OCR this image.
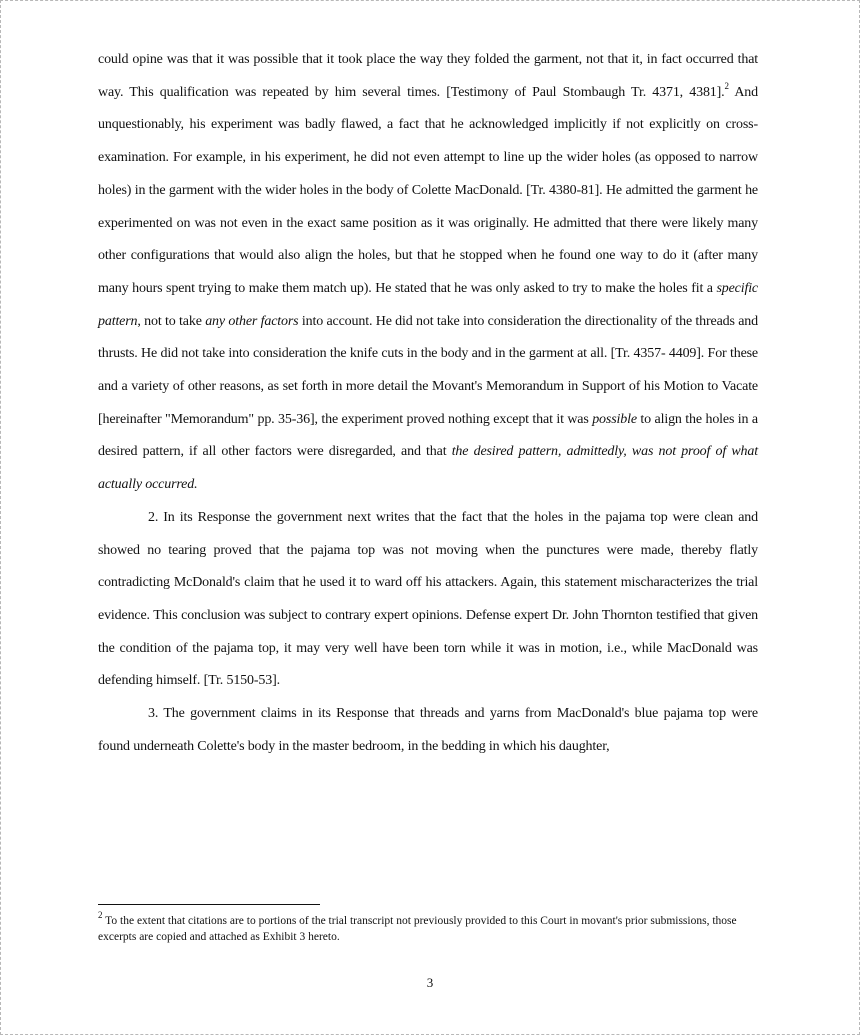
could opine was that it was possible that it took place the way they folded the garment, not that it, in fact occurred that way. This qualification was repeated by him several times. [Testimony of Paul Stombaugh Tr. 4371, 4381].$^2$ And unquestionably, his experiment was badly flawed, a fact that he acknowledged implicitly if not explicitly on cross-examination. For example, in his experiment, he did not even attempt to line up the wider holes (as opposed to narrow holes) in the garment with the wider holes in the body of Colette MacDonald. [Tr. 4380-81]. He admitted the garment he experimented on was not even in the exact same position as it was originally. He admitted that there were likely many other configurations that would also align the holes, but that he stopped when he found one way to do it (after many many hours spent trying to make them match up). He stated that he was only asked to try to make the holes fit a specific pattern, not to take any other factors into account. He did not take into consideration the directionality of the threads and thrusts. He did not take into consideration the knife cuts in the body and in the garment at all. [Tr. 4357- 4409]. For these and a variety of other reasons, as set forth in more detail the Movant's Memorandum in Support of his Motion to Vacate [hereinafter "Memorandum" pp. 35-36], the experiment proved nothing except that it was possible to align the holes in a desired pattern, if all other factors were disregarded, and that the desired pattern, admittedly, was not proof of what actually occurred.

2. In its Response the government next writes that the fact that the holes in the pajama top were clean and showed no tearing proved that the pajama top was not moving when the punctures were made, thereby flatly contradicting McDonald's claim that he used it to ward off his attackers. Again, this statement mischaracterizes the trial evidence. This conclusion was subject to contrary expert opinions. Defense expert Dr. John Thornton testified that given the condition of the pajama top, it may very well have been torn while it was in motion, i.e., while MacDonald was defending himself. [Tr. 5150-53].

3. The government claims in its Response that threads and yarns from MacDonald's blue pajama top were found underneath Colette's body in the master bedroom, in the bedding in which his daughter,

$^2$ To the extent that citations are to portions of the trial transcript not previously provided to this Court in movant's prior submissions, those excerpts are copied and attached as Exhibit 3 hereto.
3
